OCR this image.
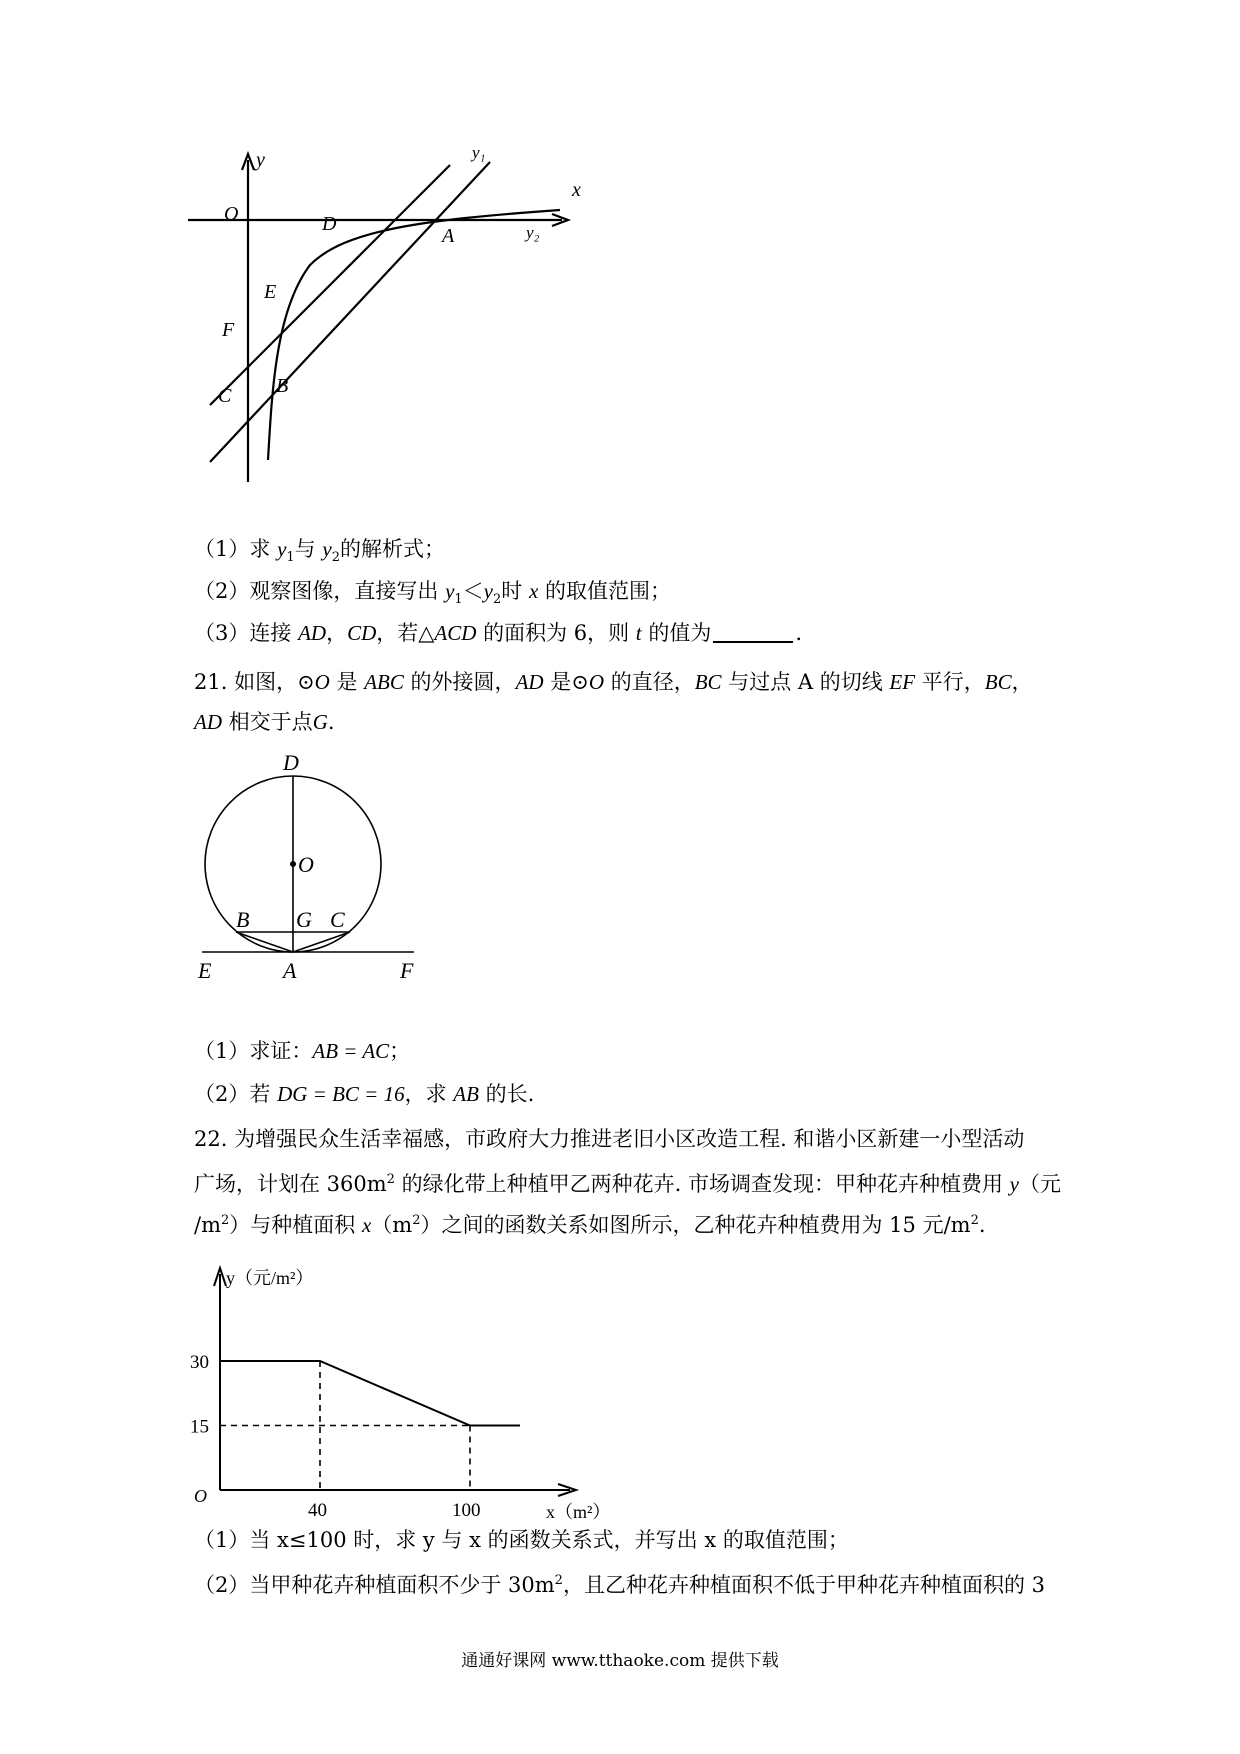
y
x
O
y₁
y₂
D
A
E
F
C B
（1）求 $y_1$与 $y_2$的解析式；
（2）观察图像，直接写出 $y_1<y_2$时 x 的取值范围；
（3）连接 AD，CD，若△ACD 的面积为 6，则 t 的值为	.
21. 如图，⊙O 是 ABC 的外接圆，AD 是⊙O 的直径，BC 与过点 A 的切线 EF 平行，BC，
AD 相交于点G.
D
O
B G C
E	A	F
（1）求证：AB = AC；
（2）若 DG = BC = 16，求 AB 的长.
22. 为增强民众生活幸福感，市政府大力推进老旧小区改造工程. 和谐小区新建一小型活动
广场，计划在 $360m^2$ 的绿化带上种植甲乙两种花卉. 市场调查发现：甲种花卉种植费用 y（元
$/m^2$）与种植面积 $x(m^2)$之间的函数关系如图所示，乙种花卉种植费用为 15 元$/m^2$.
40	100
30
15
y（元/m²）
x（m²）
O
（1）当 x≤100 时，求 y 与 x 的函数关系式，并写出 x 的取值范围；
（2）当甲种花卉种植面积不少于 $30m^2$，且乙种花卉种植面积不低于甲种花卉种植面积的 3
通通好课网 www.tthaoke.com 提供下载
